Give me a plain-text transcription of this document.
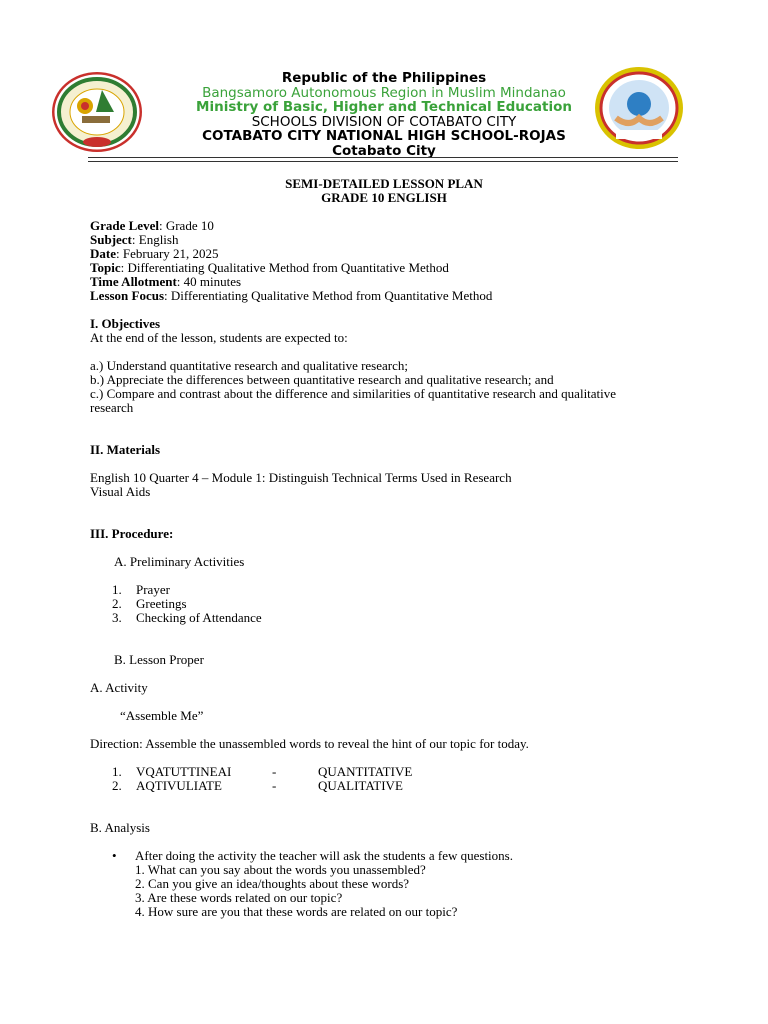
Republic of the Philippines
Bangsamoro Autonomous Region in Muslim Mindanao
Ministry of Basic, Higher and Technical Education
SCHOOLS DIVISION OF COTABATO CITY
COTABATO CITY NATIONAL HIGH SCHOOL-ROJAS
Cotabato City
SEMI-DETAILED LESSON PLAN
GRADE 10 ENGLISH
Grade Level: Grade 10
Subject: English
Date: February 21, 2025
Topic: Differentiating Qualitative Method from Quantitative Method
Time Allotment: 40 minutes
Lesson Focus: Differentiating Qualitative Method from Quantitative Method
I. Objectives
At the end of the lesson, students are expected to:
a.) Understand quantitative research and qualitative research;
b.) Appreciate the differences between quantitative research and qualitative research; and
c.) Compare and contrast about the difference and similarities of quantitative research and qualitative research
II. Materials
English 10 Quarter 4 – Module 1: Distinguish Technical Terms Used in Research
Visual Aids
III. Procedure:
A. Preliminary Activities
1. Prayer
2. Greetings
3. Checking of Attendance
B. Lesson Proper
A. Activity
“Assemble Me”
Direction: Assemble the unassembled words to reveal the hint of our topic for today.
1. VQATUTTINEAI	-	QUANTITATIVE
2. AQTIVULIATE	-	QUALITATIVE
B. Analysis
• After doing the activity the teacher will ask the students a few questions.
1. What can you say about the words you unassembled?
2. Can you give an idea/thoughts about these words?
3. Are these words related on our topic?
4. How sure are you that these words are related on our topic?
